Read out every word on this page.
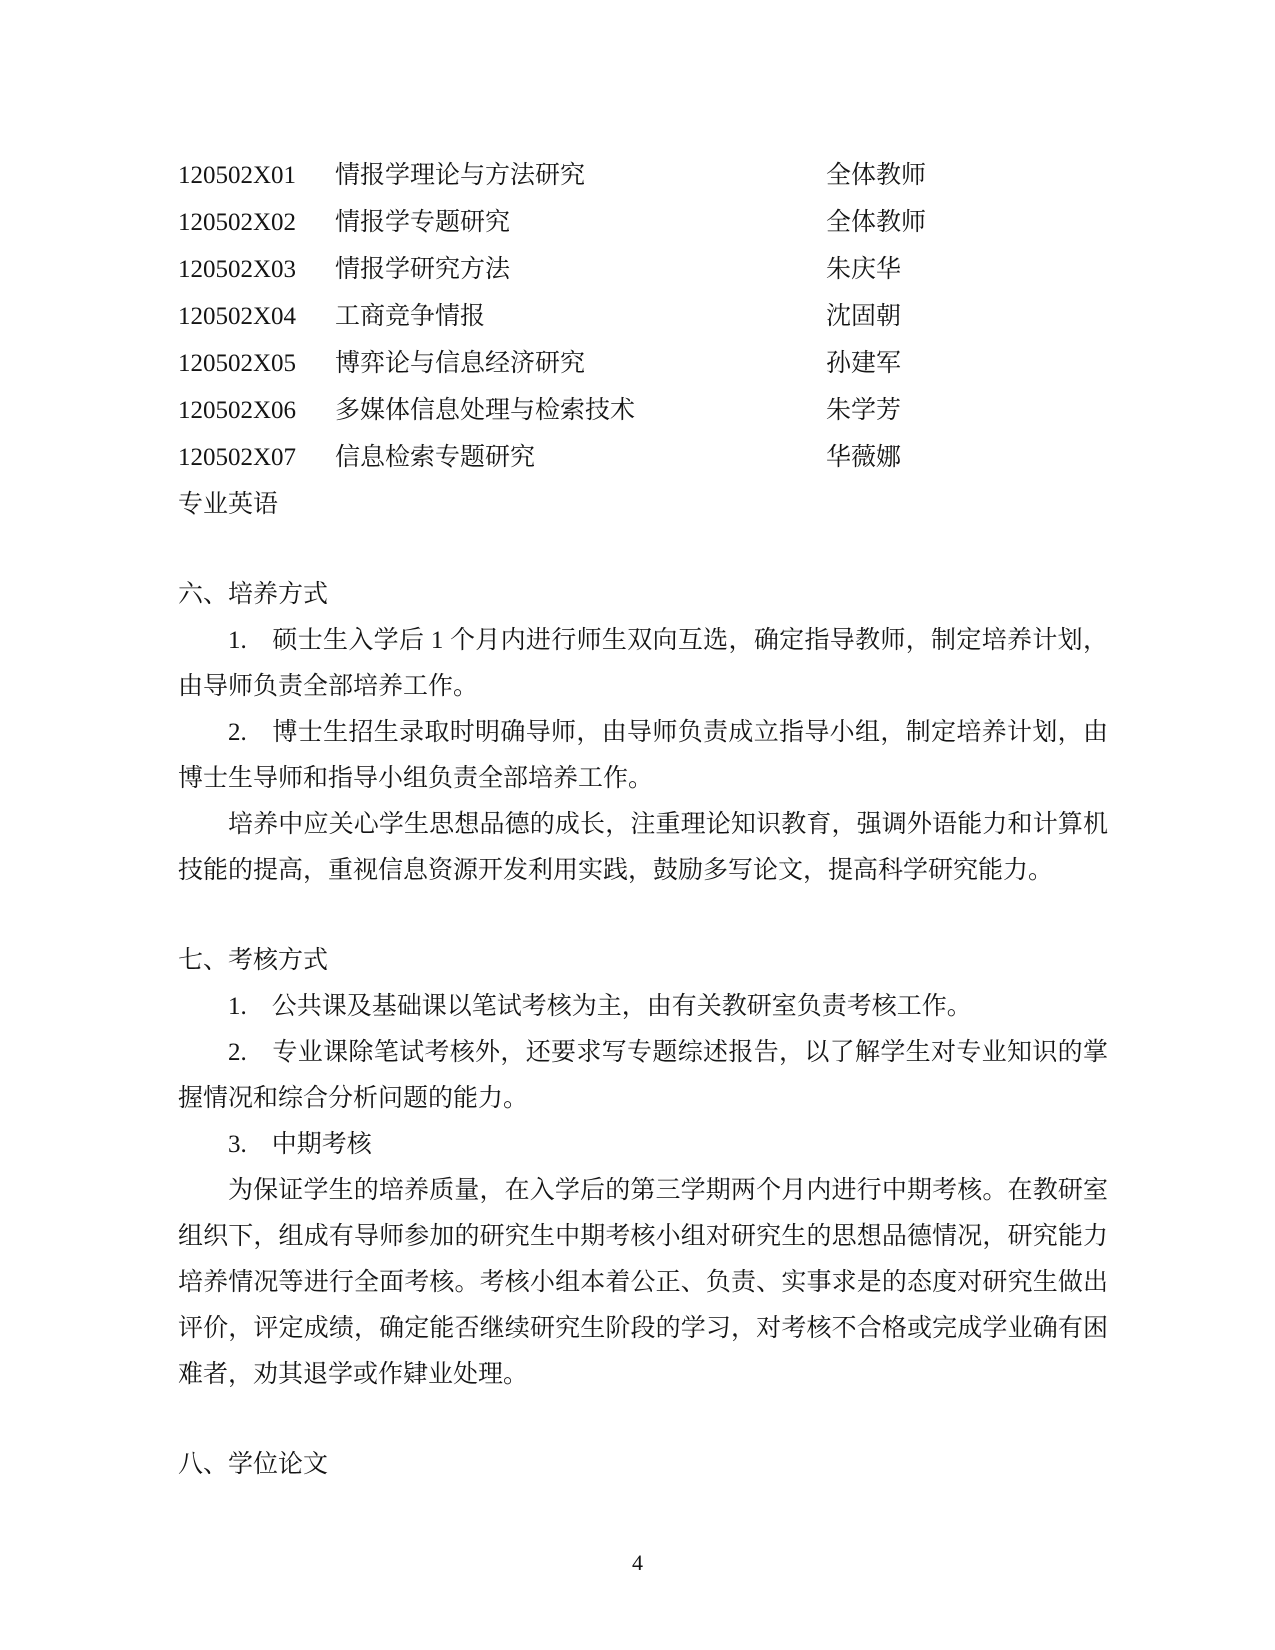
120502X01	情报学理论与方法研究	全体教师
120502X02	情报学专题研究	全体教师
120502X03	情报学研究方法	朱庆华
120502X04	工商竞争情报	沈固朝
120502X05	博弈论与信息经济研究	孙建军
120502X06	多媒体信息处理与检索技术	朱学芳
120502X07	信息检索专题研究	华薇娜
专业英语
六、培养方式

1.　硕士生入学后 1 个月内进行师生双向互选，确定指导教师，制定培养计划，由导师负责全部培养工作。

2.　博士生招生录取时明确导师，由导师负责成立指导小组，制定培养计划，由博士生导师和指导小组负责全部培养工作。

培养中应关心学生思想品德的成长，注重理论知识教育，强调外语能力和计算机技能的提高，重视信息资源开发利用实践，鼓励多写论文，提高科学研究能力。

七、考核方式

1.　公共课及基础课以笔试考核为主，由有关教研室负责考核工作。

2.　专业课除笔试考核外，还要求写专题综述报告，以了解学生对专业知识的掌握情况和综合分析问题的能力。

3.　中期考核

为保证学生的培养质量，在入学后的第三学期两个月内进行中期考核。在教研室组织下，组成有导师参加的研究生中期考核小组对研究生的思想品德情况，研究能力培养情况等进行全面考核。考核小组本着公正、负责、实事求是的态度对研究生做出评价，评定成绩，确定能否继续研究生阶段的学习，对考核不合格或完成学业确有困难者，劝其退学或作肄业处理。

八、学位论文
4
